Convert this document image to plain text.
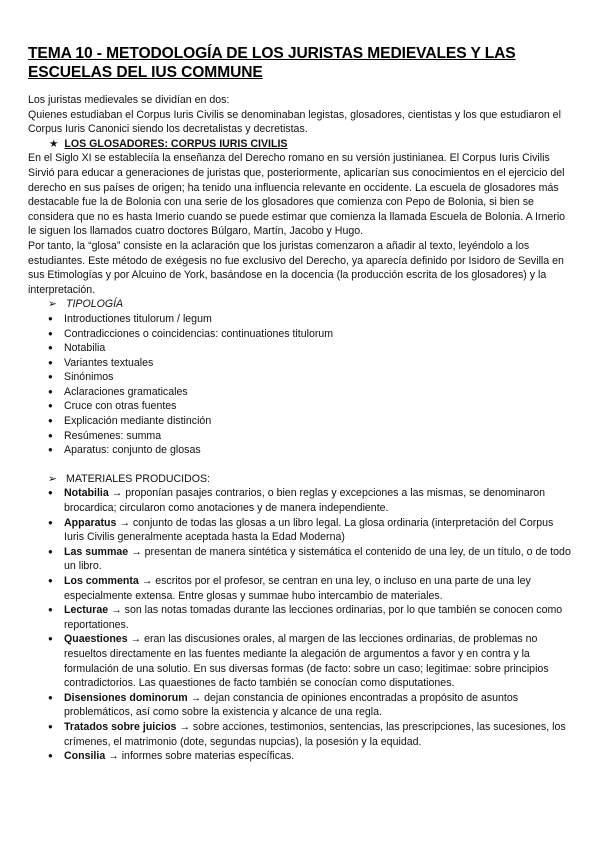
TEMA 10 - METODOLOGÍA DE LOS JURISTAS MEDIEVALES Y LAS ESCUELAS DEL IUS COMMUNE

Los juristas medievales se dividían en dos:

Quienes estudiaban el Corpus Iuris Civilis se denominaban legistas, glosadores, cientistas y los que estudiaron el Corpus Iuris Canonici siendo los decretalistas y decretistas.

★ LOS GLOSADORES: CORPUS IURIS CIVILIS

En el Siglo XI se estableciía la enseñanza del Derecho romano en su versión justinianea. El Corpus Iuris Civilis Sirvió para educar a generaciones de juristas que, posteriormente, aplicarían sus conocimientos en el ejercicio del derecho en sus países de origen; ha tenido una influencia relevante en occidente. La escuela de glosadores más destacable fue la de Bolonia con una serie de los glosadores que comienza con Pepo de Bolonia, si bien se considera que no es hasta Imerio cuando se puede estimar que comienza la llamada Escuela de Bolonia. A Irnerio le siguen los llamados cuatro doctores Búlgaro, Martín, Jacobo y Hugo.

Por tanto, la “glosa” consiste en la aclaración que los juristas comenzaron a añadir al texto, leyéndolo a los estudiantes. Este método de exégesis no fue exclusivo del Derecho, ya aparecía definido por Isidoro de Sevilla en sus Etimologías y por Alcuino de York, basándose en la docencia (la producción escrita de los glosadores) y la interpretación.

➢ TIPOLOGÍA
● Introductiones titulorum / legum
● Contradicciones o coincidencias: continuationes titulorum
● Notabilia
● Variantes textuales
● Sinónimos
● Aclaraciones gramaticales
● Cruce con otras fuentes
● Explicación mediante distinción
● Resúmenes: summa
● Aparatus: conjunto de glosas
➢ MATERIALES PRODUCIDOS:
● Notabilia → proponían pasajes contrarios, o bien reglas y excepciones a las mismas, se denominaron brocardica; circularon como anotaciones y de manera independiente.
● Apparatus → conjunto de todas las glosas a un libro legal. La glosa ordinaria (interpretación del Corpus Iuris Civilis generalmente aceptada hasta la Edad Moderna)
● Las summae → presentan de manera sintética y sistemática el contenido de una ley, de un título, o de todo un libro.
● Los commenta → escritos por el profesor, se centran en una ley, o incluso en una parte de una ley especialmente extensa. Entre glosas y summae hubo intercambio de materiales.
● Lecturae → son las notas tomadas durante las lecciones ordinarias, por lo que también se conocen como reportationes.
● Quaestiones → eran las discusiones orales, al margen de las lecciones ordinarias, de problemas no resueltos directamente en las fuentes mediante la alegación de argumentos a favor y en contra y la formulación de una solutio. En sus diversas formas (de facto: sobre un caso; legitimae: sobre principios contradictorios. Las quaestiones de facto también se conocían como disputationes.
● Disensiones dominorum → dejan constancia de opiniones encontradas a propósito de asuntos problemáticos, así como sobre la existencia y alcance de una regla.
● Tratados sobre juicios → sobre acciones, testimonios, sentencias, las prescripciones, las sucesiones, los crímenes, el matrimonio (dote, segundas nupcias), la posesión y la equidad.
● Consilia → informes sobre materias específicas.
